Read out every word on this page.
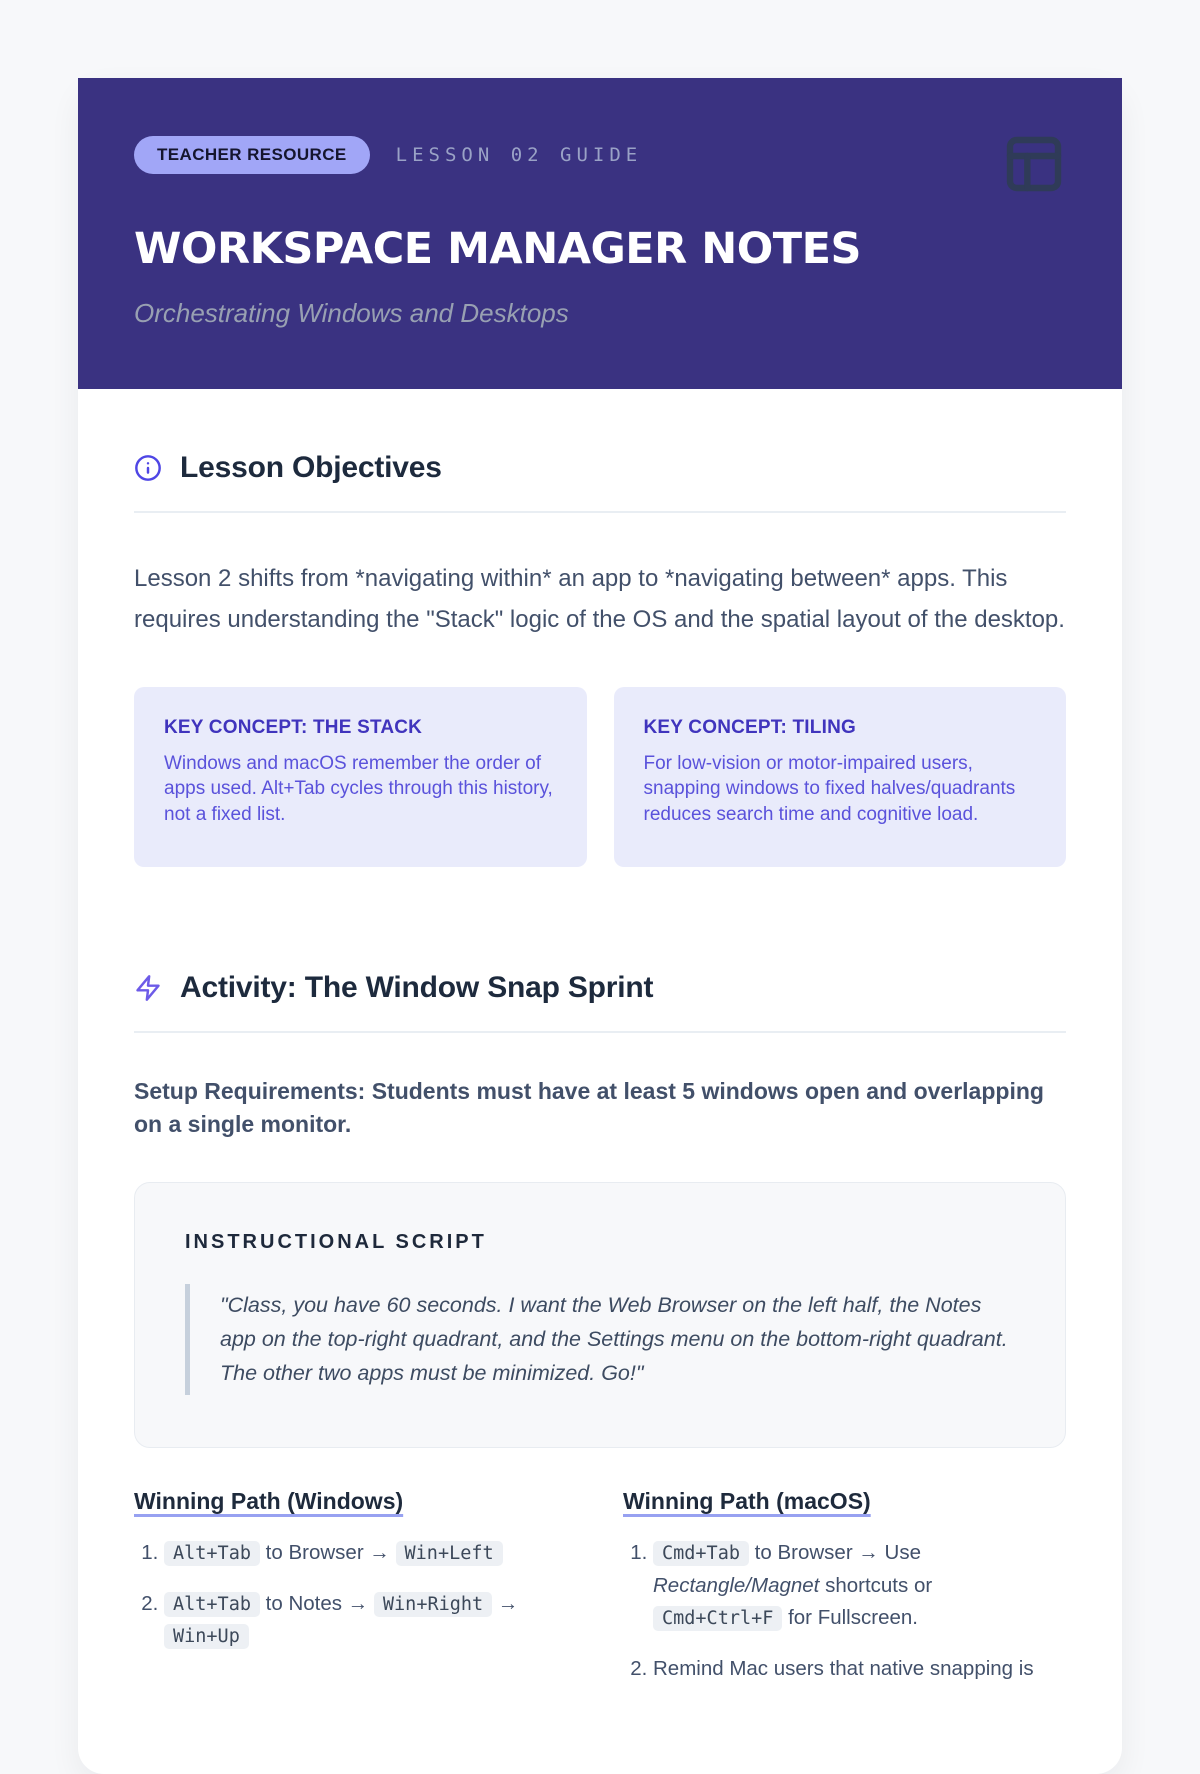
TEACHER RESOURCE	LESSON 02 GUIDE
WORKSPACE MANAGER NOTES

Orchestrating Windows and Desktops

Lesson Objectives

Lesson 2 shifts from *navigating within* an app to *navigating between* apps. This requires understanding the "Stack" logic of the OS and the spatial layout of the desktop.

KEY CONCEPT: THE STACK
Windows and macOS remember the order of apps used. Alt+Tab cycles through this history, not a fixed list.
KEY CONCEPT: TILING
For low-vision or motor-impaired users, snapping windows to fixed halves/quadrants reduces search time and cognitive load.
Activity: The Window Snap Sprint

Setup Requirements: Students must have at least 5 windows open and overlapping on a single monitor.

INSTRUCTIONAL SCRIPT
"Class, you have 60 seconds. I want the Web Browser on the left half, the Notes app on the top-right quadrant, and the Settings menu on the bottom-right quadrant. The other two apps must be minimized. Go!"
Winning Path (Windows)
1. Alt+Tab to Browser → Win+Left
2. Alt+Tab to Notes → Win+Right → Win+Up
Winning Path (macOS)
1. Cmd+Tab to Browser → Use Rectangle/Magnet shortcuts or Cmd+Ctrl+F for Fullscreen.
2. Remind Mac users that native snapping is
